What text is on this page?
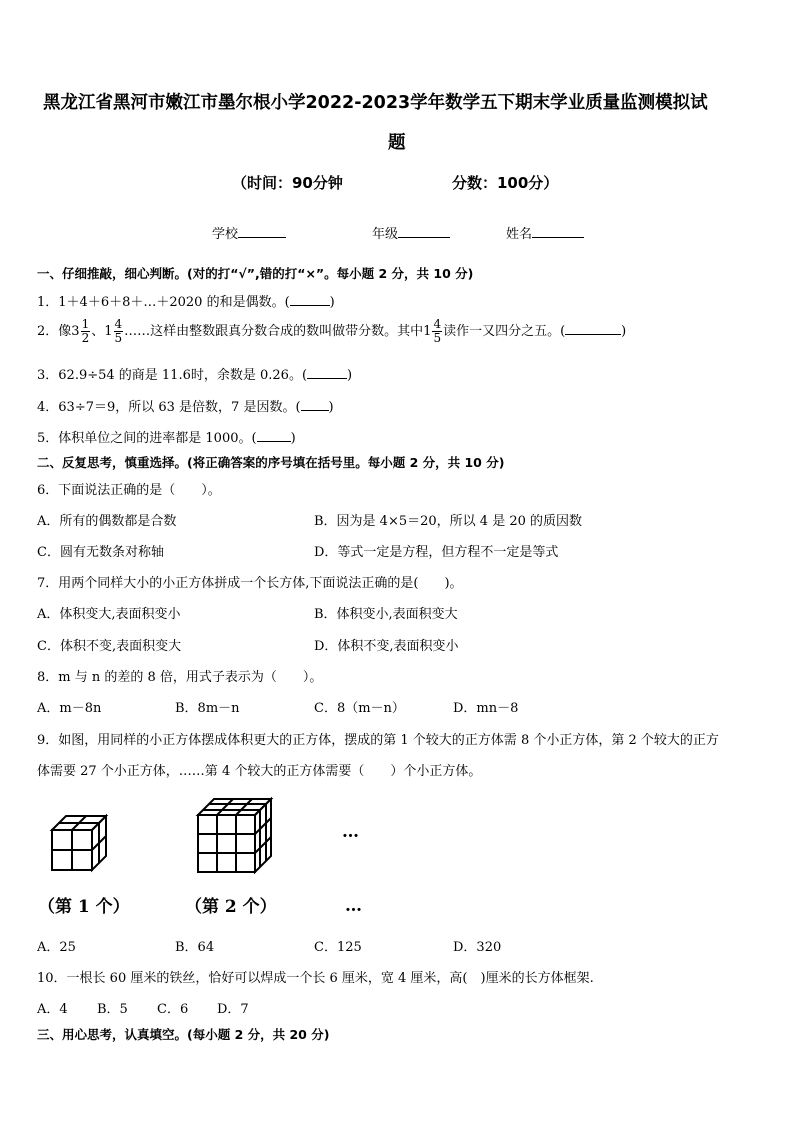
黑龙江省黑河市嫩江市墨尔根小学2022-2023学年数学五下期末学业质量监测模拟试
题
（时间：90分钟	分数：100分）
学校	年级	姓名
一、仔细推敲，细心判断。(对的打“√”,错的打“×”。每小题 2 分，共 10 分)
1．1＋4＋6＋8＋…＋2020 的和是偶数。(	)
2．像$3 \frac{1}{2}$ 、$1 \frac{4}{5}$ ……这样由整数跟真分数合成的数叫做带分数。其中$1 \frac{4}{5}$ 读作一又四分之五。(	)
3．62.9÷54 的商是 11.6时，余数是 0.26。(	)
4．63÷7＝9，所以 63 是倍数，7 是因数。( )
5．体积单位之间的进率都是 1000。(	)
二、反复思考，慎重选择。(将正确答案的序号填在括号里。每小题 2 分，共 10 分)
6．下面说法正确的是（　　）。
A．所有的偶数都是合数	B．因为是 4×5＝20，所以 4 是 20 的质因数
C．圆有无数条对称轴	D．等式一定是方程，但方程不一定是等式
7．用两个同样大小的小正方体拼成一个长方体,下面说法正确的是(　　)。
A．体积变大,表面积变小	B．体积变小,表面积变大
C．体积不变,表面积变大	D．体积不变,表面积变小
8．m 与 n 的差的 8 倍，用式子表示为（　　）。
A．m－8n	B．8m－n	C．8（m－n）	D．mn－8
9．如图，用同样的小正方体摆成体积更大的正方体，摆成的第 1 个较大的正方体需 8 个小正方体，第 2 个较大的正方
体需要 27 个小正方体，……第 4 个较大的正方体需要（　　）个小正方体。
（第 1 个）	（第 2 个）
…
…
A．25	B．64	C．125	D．320
10．一根长 60 厘米的铁丝，恰好可以焊成一个长 6 厘米，宽 4 厘米，高(　)厘米的长方体框架.
A．4 B．5 C．6 D．7
三、用心思考，认真填空。(每小题 2 分，共 20 分)
